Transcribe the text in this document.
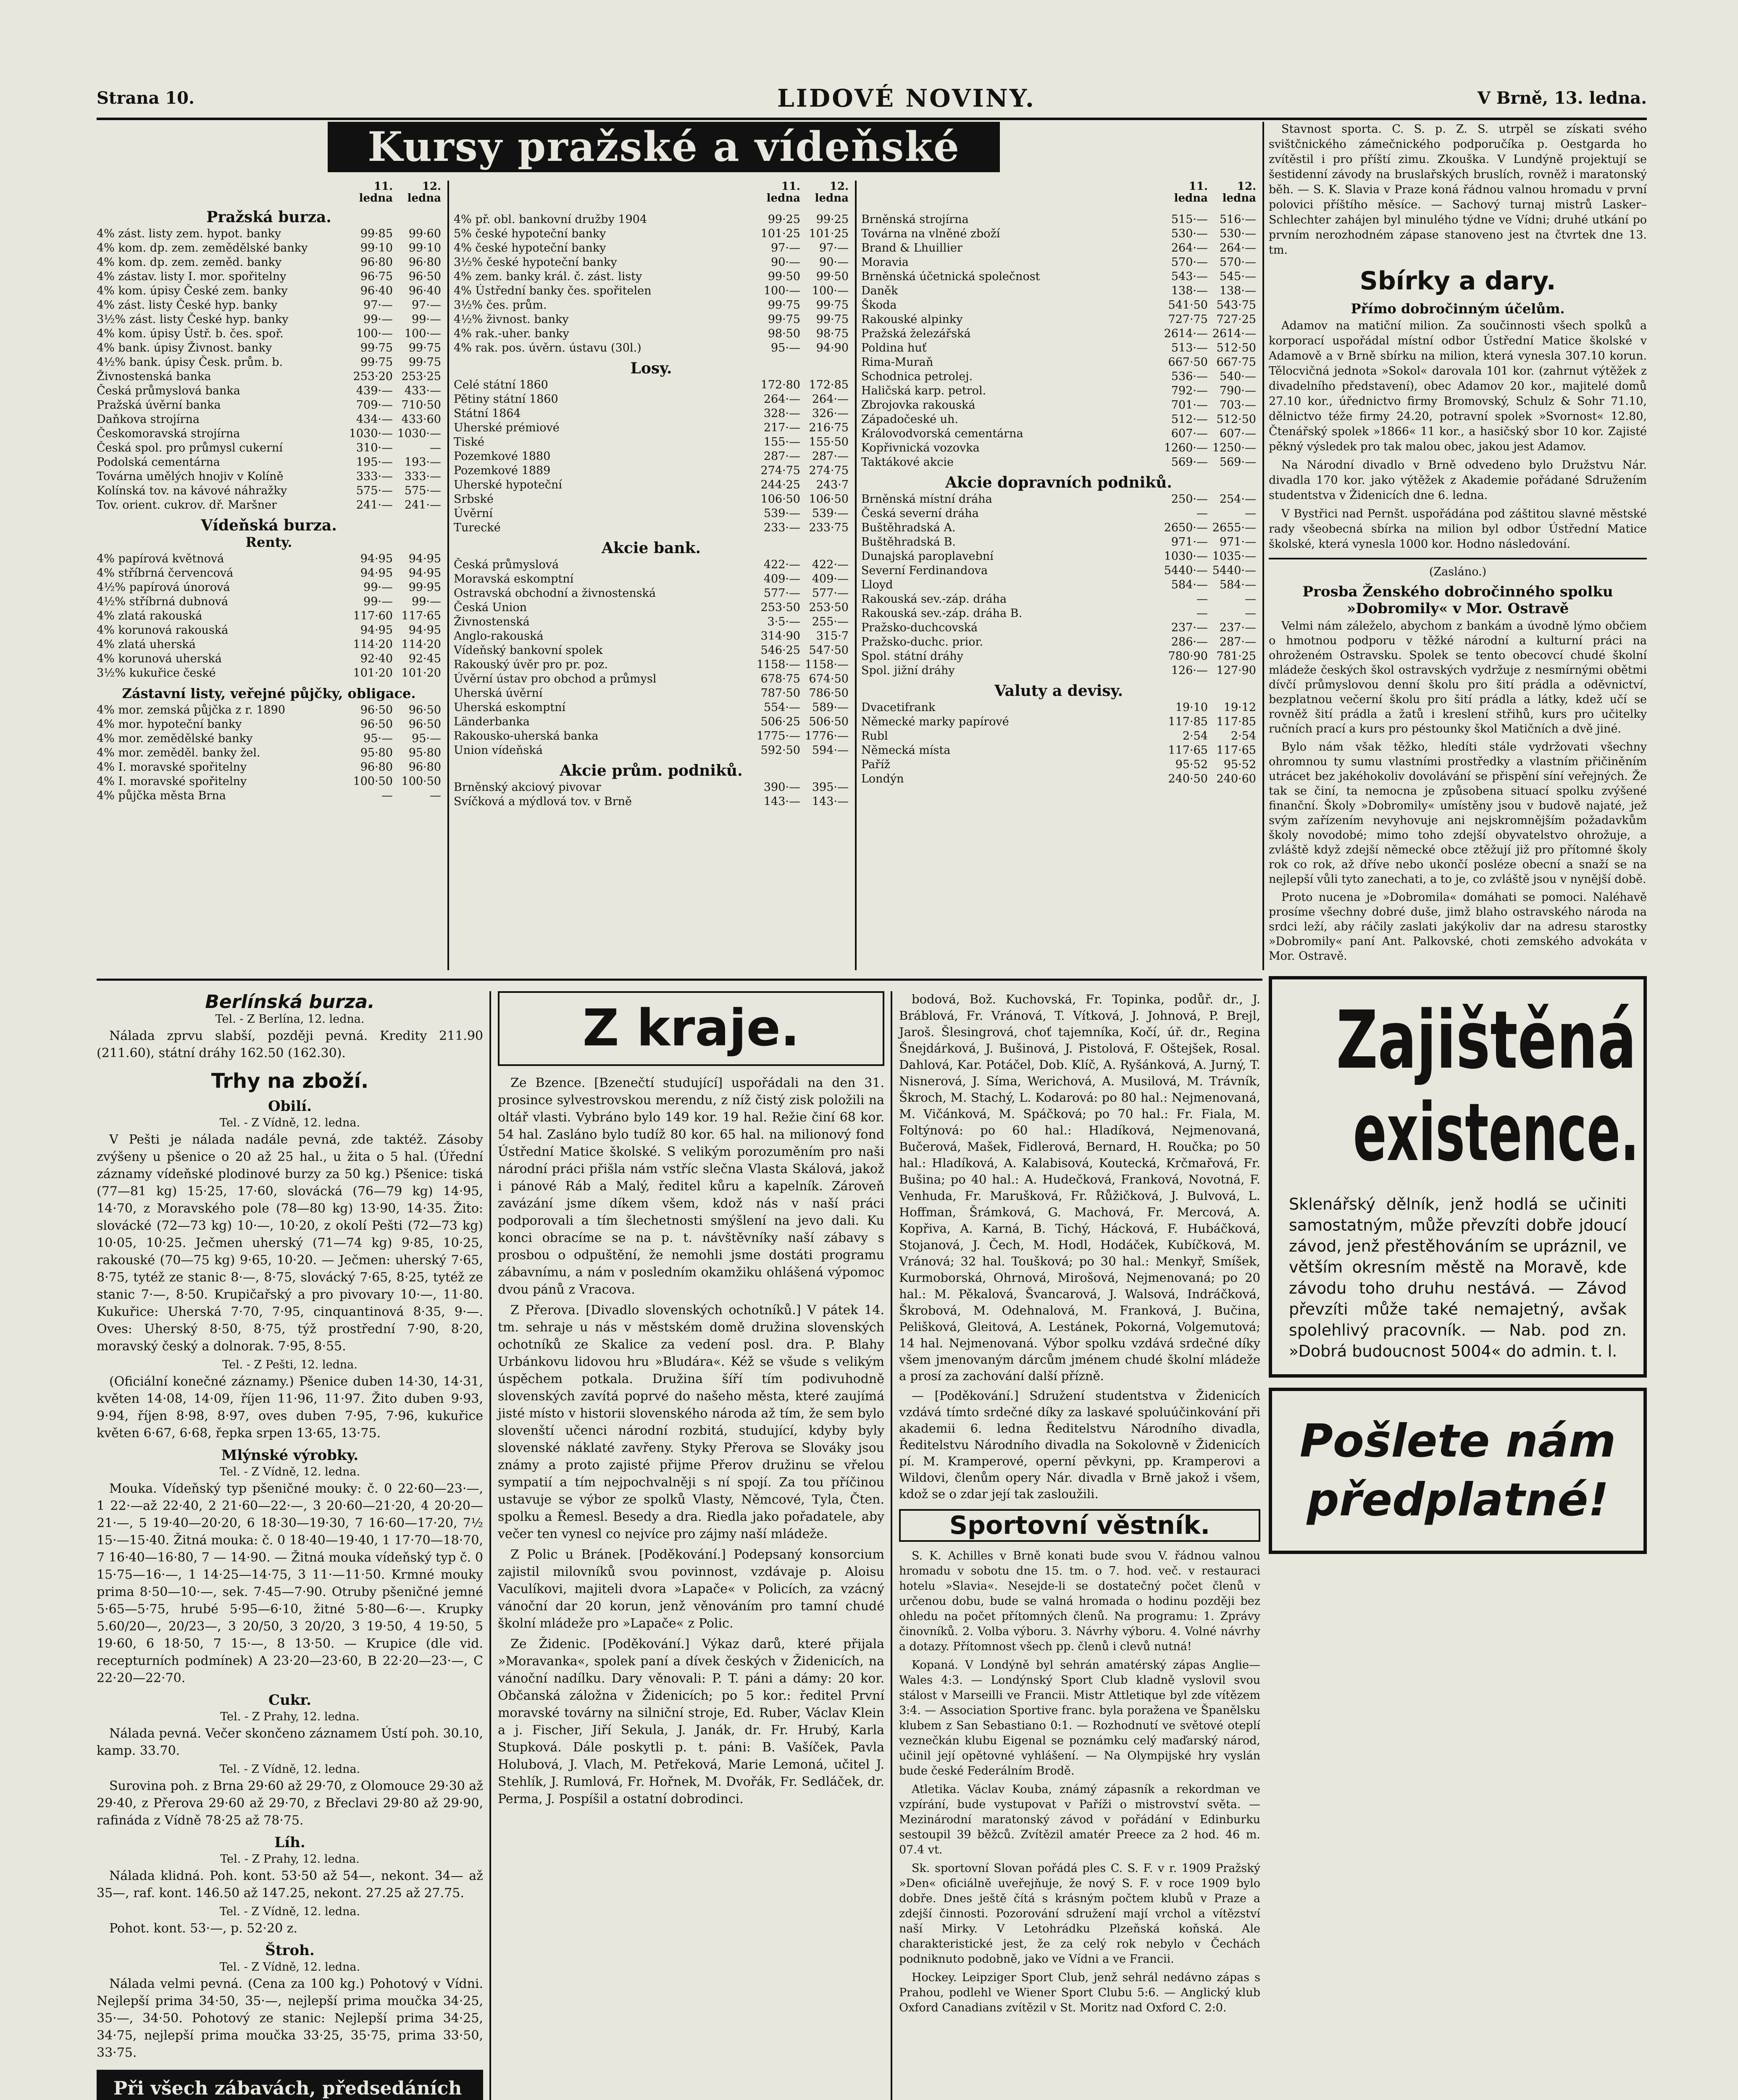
Strana 10.	LIDOVÉ NOVINY.	V Brně, 13. ledna.
Kursy pražské a vídeňské burzy.
11. ledna
12. ledna
Pražská burza.
4% zást. listy zem. hypot. banky	99·85	99·60
4% kom. dp. zem. zemědělské banky	99·10	99·10
4% kom. dp. zem. zeměd. banky	96·80	96·80
4% zástav. listy I. mor. spořitelny	96·75	96·50
4% kom. úpisy České zem. banky	96·40	96·40
4% zást. listy České hyp. banky	97·—	97·—
3½% zást. listy České hyp. banky	99·—	99·—
4% kom. úpisy Ústř. b. čes. spoř.	100·—	100·—
4% bank. úpisy Živnost. banky	99·75	99·75
4½% bank. úpisy Česk. prům. b.	99·75	99·75
Živnostenská banka	253·20 253·25
Česká průmyslová banka	439·—	433·—
Pražská úvěrní banka	709·— 710·50
Daňkova strojírna	434·— 433·60
Českomoravská strojírna	1030·— 1030·—
Česká spol. pro průmysl cukerní	310·—	—
Podolská cementárna	195·—	193·—
Továrna umělých hnojiv v Kolíně	333·—	333·—
Kolínská tov. na kávové náhražky	575·—	575·—
Tov. orient. cukrov. dř. Maršner	241·—	241·—
Vídeňská burza.
Renty.
4% papírová květnová	94·95	94·95
4% stříbrná červencová	94·95	94·95
4½% papírová únorová	99·—	99·95
4½% stříbrná dubnová	99·—	99·—
4% zlatá rakouská	117·60 117·65
4% korunová rakouská	94·95	94·95
4% zlatá uherská	114·20 114·20
4% korunová uherská	92·40	92·45
3½% kukuřice české	101·20 101·20
Zástavní listy, veřejné půjčky, obligace.
4% mor. zemská půjčka z r. 1890	96·50	96·50
4% mor. hypoteční banky	96·50	96·50
4% mor. zemědělské banky	95·—	95·—
4% mor. zeměděl. banky žel.	95·80	95·80
4% I. moravské spořitelny	96·80	96·80
4% I. moravské spořitelny	100·50 100·50
4% půjčka města Brna	—	—
11. ledna
12. ledna
4% př. obl. bankovní družby 1904	99·25	99·25
5% české hypoteční banky	101·25 101·25
4% české hypoteční banky	97·—	97·—
3½% české hypoteční banky	90·—	90·—
4% zem. banky král. č. zást. listy	99·50	99·50
4% Ústřední banky čes. spořitelen	100·—	100·—
3½% čes. prům.	99·75	99·75
4½% živnost. banky	99·75	99·75
4% rak.-uher. banky	98·50	98·75
4% rak. pos. úvěrn. ústavu (30l.)	95·—	94·90
Losy.
Celé státní 1860	172·80 172·85
Pětiny státní 1860	264·—	264·—
Státní 1864	328·—	326·—
Uherské prémiové	217·— 216·75
Tiské	155·— 155·50
Pozemkové 1880	287·—	287·—
Pozemkové 1889	274·75 274·75
Uherské hypoteční	244·25	243·7
Srbské	106·50 106·50
Úvěrní	539·—	539·—
Turecké	233·— 233·75
Akcie bank.
Česká průmyslová	422·—	422·—
Moravská eskomptní	409·—	409·—
Ostravská obchodní a živnostenská	577·—	577·—
Česká Union	253·50 253·50
Živnostenská	3·5·—	255·—
Anglo-rakouská	314·90	315·7
Vídeňský bankovní spolek	546·25 547·50
Rakouský úvěr pro pr. poz.	1158·— 1158·—
Úvěrní ústav pro obchod a průmysl	678·75 674·50
Uherská úvěrní	787·50 786·50
Uherská eskomptní	554·—	589·—
Länderbanka	506·25 506·50
Rakousko-uherská banka	1775·— 1776·—
Union vídeňská	592·50	594·—
Akcie prům. podniků.
Brněnský akciový pivovar	390·—	395·—
Svíčková a mýdlová tov. v Brně	143·—	143·—
11. ledna
12. ledna
Brněnská strojírna	515·—	516·—
Továrna na vlněné zboží	530·—	530·—
Brand & Lhuillier	264·—	264·—
Moravia	570·—	570·—
Brněnská účetnická společnost	543·—	545·—
Daněk	138·—	138·—
Škoda	541·50 543·75
Rakouské alpinky	727·75 727·25
Pražská železářská	2614·— 2614·—
Poldina huť	513·— 512·50
Rima-Muraň	667·50 667·75
Schodnica petrolej.	536·—	540·—
Haličská karp. petrol.	792·—	790·—
Zbrojovka rakouská	701·—	703·—
Západočeské uh.	512·— 512·50
Královodvorská cementárna	607·—	607·—
Kopřivnická vozovka	1260·— 1250·—
Taktákové akcie	569·—	569·—
Akcie dopravních podniků.
Brněnská místní dráha	250·—	254·—
Česká severní dráha	—	—
Buštěhradská A.	2650·— 2655·—
Buštěhradská B.	971·—	971·—
Dunajská paroplavební	1030·— 1035·—
Severní Ferdinandova	5440·— 5440·—
Lloyd	584·—	584·—
Rakouská sev.-záp. dráha	—	—
Rakouská sev.-záp. dráha B.	—	—
Pražsko-duchcovská	237·—	237·—
Pražsko-duchc. prior.	286·—	287·—
Spol. státní dráhy	780·90 781·25
Spol. jižní dráhy	126·— 127·90
Valuty a devisy.
Dvacetifrank	19·10	19·12
Německé marky papírové	117·85 117·85
Rubl	2·54	2·54
Německá místa	117·65 117·65
Paříž	95·52	95·52
Londýn	240·50 240·60

Stavnost sporta. C. S. p. Z. S. utrpěl se získati svého svištčnického zámečnického podporučíka p. Oestgarda ho zvítěstil i pro příští zimu. Zkouška. V Lundýně projektují se šestidenní závody na bruslařských bruslích, rovněž i maratonský běh. — S. K. Slavia v Praze koná řádnou valnou hromadu v první polovici příštího měsíce. — Sachový turnaj mistrů Lasker–Schlechter zahájen byl minulého týdne ve Vídni; druhé utkání po prvním nerozhodném zápase stanoveno jest na čtvrtek dne 13. tm.

Sbírky a dary.
Přímo dobročinným účelům.

Adamov na matiční milion. Za součinnosti všech spolků a korporací uspořádal místní odbor Ústřední Matice školské v Adamově a v Brně sbírku na milion, která vynesla 307.10 korun. Tělocvičná jednota »Sokol« darovala 101 kor. (zahrnut výtěžek z divadelního představení), obec Adamov 20 kor., majitelé domů 27.10 kor., úřednictvo firmy Bromovský, Schulz & Sohr 71.10, dělnictvo téže firmy 24.20, potravní spolek »Svornost« 12.80, Čtenářský spolek »1866« 11 kor., a hasičský sbor 10 kor. Zajisté pěkný výsledek pro tak malou obec, jakou jest Adamov.

Na Národní divadlo v Brně odvedeno bylo Družstvu Nár. divadla 170 kor. jako výtěžek z Akademie pořádané Sdružením studentstva v Židenicích dne 6. ledna.

V Bystřici nad Pernšt. uspořádána pod záštitou slavné městské rady všeobecná sbírka na milion byl odbor Ústřední Matice školské, která vynesla 1000 kor. Hodno následování.

(Zasláno.)
Prosba Ženského dobročinného spolku »Dobromily« v Mor. Ostravě

Velmi nám záleželo, abychom z bankám a úvodně lýmo občiem o hmotnou podporu v těžké národní a kulturní práci na ohroženém Ostravsku. Spolek se tento obecovcí chudé školní mládeže českých škol ostravských vydržuje z nesmírnými obětmi dívčí průmyslovou denní školu pro šití prádla a oděvnictví, bezplatnou večerní školu pro šití prádla a látky, kdež učí se rovněž šití prádla a žatů i kreslení střihů, kurs pro učitelky ručních prací a kurs pro péstounky škol Matičních a dvě jiné.

Bylo nám však těžko, hledíti stále vydržovati všechny ohromnou ty sumu vlastními prostředky a vlastním přičiněním utrácet bez jakéhokoliv dovolávání se přispění síní veřejných. Že tak se činí, ta nemocna je způsobena situací spolku zvýšené finanční. Školy »Dobromily« umístěny jsou v budově najaté, jež svým zařízením nevyhovuje ani nejskromnějším požadavkům školy novodobé; mimo toho zdejší obyvatelstvo ohrožuje, a zvláště když zdejší německé obce ztěžují již pro přítomné školy rok co rok, až dříve nebo ukončí posléze obecní a snaží se na nejlepší vůli tyto zanechati, a to je, co zvláště jsou v nynější době.

Proto nucena je »Dobromila« domáhati se pomoci. Naléhavě prosíme všechny dobré duše, jimž blaho ostravského národa na srdci leží, aby ráčily zaslati jakýkoliv dar na adresu starostky »Dobromily« paní Ant. Palkovské, choti zemského advokáta v Mor. Ostravě.

Zajištěná
existence.
Sklenářský dělník, jenž hodlá se učiniti samostatným, může převzíti dobře jdoucí závod, jenž přestěhováním se upráznil, ve větším okresním městě na Moravě, kde závodu toho druhu nestává. — Závod převzíti může také nemajetný, avšak spolehlivý pracovník. — Nab. pod zn. »Dobrá budoucnost 5004« do admin. t. l.
Pošlete nám předplatné!
Berlínská burza.
Tel. - Z Berlína, 12. ledna.

Nálada zprvu slabší, později pevná. Kredity 211.90 (211.60), státní dráhy 162.50 (162.30).

Trhy na zboží.
Obilí.
Tel. - Z Vídně, 12. ledna.

V Pešti je nálada nadále pevná, zde taktéž. Zásoby zvýšeny u pšenice o 20 až 25 hal., u žita o 5 hal. (Úřední záznamy vídeňské plodinové burzy za 50 kg.) Pšenice: tiská (77—81 kg) 15·25, 17·60, slovácká (76—79 kg) 14·95, 14·70, z Moravského pole (78—80 kg) 13·90, 14·35. Žito: slovácké (72—73 kg) 10·—, 10·20, z okolí Pešti (72—73 kg) 10·05, 10·25. Ječmen uherský (71—74 kg) 9·85, 10·25, rakouské (70—75 kg) 9·65, 10·20. — Ječmen: uherský 7·65, 8·75, tytéž ze stanic 8·—, 8·75, slovácký 7·65, 8·25, tytéž ze stanic 7·—, 8·50. Krupičařský a pro pivovary 10·—, 11·80. Kukuřice: Uherská 7·70, 7·95, cinquantinová 8·35, 9·—. Oves: Uherský 8·50, 8·75, týž prostřední 7·90, 8·20, moravský český a dolnorak. 7·95, 8·55.

Tel. - Z Pešti, 12. ledna.

(Oficiální konečné záznamy.) Pšenice duben 14·30, 14·31, květen 14·08, 14·09, říjen 11·96, 11·97. Žito duben 9·93, 9·94, říjen 8·98, 8·97, oves duben 7·95, 7·96, kukuřice květen 6·67, 6·68, řepka srpen 13·65, 13·75.

Mlýnské výrobky.
Tel. - Z Vídně, 12. ledna.

Mouka. Vídeňský typ pšeničné mouky: č. 0 22·60—23·—, 1 22·—až 22·40, 2 21·60—22·—, 3 20·60—21·20, 4 20·20—21·—, 5 19·40—20·20, 6 18·30—19·30, 7 16·60—17·20, 7½ 15·—15·40. Žitná mouka: č. 0 18·40—19·40, 1 17·70—18·70, 7 16·40—16·80, 7 — 14·90. — Žitná mouka vídeňský typ č. 0 15·75—16·—, 1 14·25—14·75, 3 11·—11·50. Krmné mouky prima 8·50—10·—, sek. 7·45—7·90. Otruby pšeničné jemné 5·65—5·75, hrubé 5·95—6·10, žitné 5·80—6·—. Krupky 5.60/20—, 20/23—, 3 20/50, 3 20/20, 3 19·50, 4 19·50, 5 19·60, 6 18·50, 7 15·—, 8 13·50. — Krupice (dle vid. recepturních podmínek) A 23·20—23·60, B 22·20—23·—, C 22·20—22·70.

Cukr.
Tel. - Z Prahy, 12. ledna.

Nálada pevná. Večer skončeno záznamem Ústí poh. 30.10, kamp. 33.70.

Tel. - Z Vídně, 12. ledna.

Surovina poh. z Brna 29·60 až 29·70, z Olomouce 29·30 až 29·40, z Přerova 29·60 až 29·70, z Břeclavi 29·80 až 29·90, rafináda z Vídně 78·25 až 78·75.

Líh.
Tel. - Z Prahy, 12. ledna.

Nálada klidná. Poh. kont. 53·50 až 54—, nekont. 34— až 35—, raf. kont. 146.50 až 147.25, nekont. 27.25 až 27.75.

Tel. - Z Vídně, 12. ledna.

Pohot. kont. 53·—, p. 52·20 z.

Štroh.
Tel. - Z Vídně, 12. ledna.

Nálada velmi pevná. (Cena za 100 kg.) Pohotový v Vídni. Nejlepší prima 34·50, 35·—, nejlepší prima moučka 34·25, 35·—, 34·50. Pohotový ze stanic: Nejlepší prima 34·25, 34·75, nejlepší prima moučka 33·25, 35·75, prima 33·50, 33·75.

Při všech zábavách, předsedáních
Z kraje.

Ze Bzence. [Bzenečtí studující] uspořádali na den 31. prosince sylvestrovskou merendu, z níž čistý zisk položili na oltář vlasti. Vybráno bylo 149 kor. 19 hal. Režie činí 68 kor. 54 hal. Zasláno bylo tudíž 80 kor. 65 hal. na milionový fond Ústřední Matice školské. S velikým porozuměním pro naši národní práci přišla nám vstříc slečna Vlasta Skálová, jakož i pánové Ráb a Malý, ředitel kůru a kapelník. Zároveň zavázání jsme díkem všem, kdož nás v naší práci podporovali a tím šlechetnosti smýšlení na jevo dali. Ku konci obracíme se na p. t. návštěvníky naší zábavy s prosbou o odpuštění, že nemohli jsme dostáti programu zábavnímu, a nám v posledním okamžiku ohlášená výpomoc dvou pánů z Vracova.

Z Přerova. [Divadlo slovenských ochotníků.] V pátek 14. tm. sehraje u nás v městském domě družina slovenských ochotníků ze Skalice za vedení posl. dra. P. Blahy Urbánkovu lidovou hru »Bludára«. Kéž se všude s velikým úspěchem potkala. Družina šíří tím podivuhodně slovenských zavítá poprvé do našeho města, které zaujímá jisté místo v historii slovenského národa až tím, že sem bylo slovenští učenci národní rozbitá, studující, kdyby byly slovenské náklaté zavřeny. Styky Přerova se Slováky jsou známy a proto zajisté přijme Přerov družinu se vřelou sympatií a tím nejpochvalněji s ní spojí. Za tou příčinou ustavuje se výbor ze spolků Vlasty, Němcové, Tyla, Čten. spolku a Řemesl. Besedy a dra. Riedla jako pořadatele, aby večer ten vynesl co nejvíce pro zájmy naší mládeže.

Z Polic u Bránek. [Poděkování.] Podepsaný konsorcium zajistil milovníků svou povinnost, vzdávaje p. Aloisu Vaculíkovi, majiteli dvora »Lapače« v Policích, za vzácný vánoční dar 20 korun, jenž věnováním pro tamní chudé školní mládeže pro »Lapače« z Polic.

Ze Židenic. [Poděkování.] Výkaz darů, které přijala »Moravanka«, spolek paní a dívek českých v Židenicích, na vánoční nadílku. Dary věnovali: P. T. páni a dámy: 20 kor. Občanská záložna v Židenicích; po 5 kor.: ředitel První moravské továrny na silniční stroje, Ed. Ruber, Václav Klein a j. Fischer, Jiří Sekula, J. Janák, dr. Fr. Hrubý, Karla Stupková. Dále poskytli p. t. páni: B. Vašíček, Pavla Holubová, J. Vlach, M. Petřeková, Marie Lemoná, učitel J. Stehlík, J. Rumlová, Fr. Hořnek, M. Dvořák, Fr. Sedláček, dr. Perma, J. Pospíšil a ostatní dobrodinci.

bodová, Bož. Kuchovská, Fr. Topinka, podůř. dr., J. Bráblová, Fr. Vránová, T. Vítková, J. Johnová, P. Brejl, Jaroš. Šlesingrová, choť tajemníka, Kočí, úř. dr., Regina Šnejdárková, J. Bušinová, J. Pistolová, F. Oštejšek, Rosal. Dahlová, Kar. Potáčel, Dob. Klíč, A. Ryšánková, A. Jurný, T. Nisnerová, J. Síma, Werichová, A. Musilová, M. Trávník, Škroch, M. Stachý, L. Kodarová: po 80 hal.: Nejmenovaná, M. Vičánková, M. Spáčková; po 70 hal.: Fr. Fiala, M. Foltýnová: po 60 hal.: Hladíková, Nejmenovaná, Bučerová, Mašek, Fidlerová, Bernard, H. Roučka; po 50 hal.: Hladíková, A. Kalabisová, Koutecká, Krčmařová, Fr. Bušina; po 40 hal.: A. Hudečková, Franková, Novotná, F. Venhuda, Fr. Marušková, Fr. Růžičková, J. Bulvová, L. Hoffman, Šrámková, G. Machová, Fr. Mercová, A. Kopřiva, A. Karná, B. Tichý, Hácková, F. Hubáčková, Stojanová, J. Čech, M. Hodl, Hodáček, Kubíčková, M. Vránová; 32 hal. Toušková; po 30 hal.: Menkyř, Smíšek, Kurmoborská, Ohrnová, Mirošová, Nejmenovaná; po 20 hal.: M. Pěkalová, Švancarová, J. Walsová, Indráčková, Škrobová, M. Odehnalová, M. Franková, J. Bučina, Pelišková, Gleitová, A. Lestánek, Pokorná, Volgemutová; 14 hal. Nejmenovaná. Výbor spolku vzdává srdečné díky všem jmenovaným dárcům jménem chudé školní mládeže a prosí za zachování další přízně.

— [Poděkování.] Sdružení studentstva v Židenicích vzdává tímto srdečné díky za laskavé spoluúčinkování při akademii 6. ledna Ředitelstvu Národního divadla, Ředitelstvu Národního divadla na Sokolovně v Židenicích pí. M. Kramperové, operní pěvkyni, pp. Kramperovi a Wildovi, členům opery Nár. divadla v Brně jakož i všem, kdož se o zdar její tak zasloužili.

Sportovní věstník.

S. K. Achilles v Brně konati bude svou V. řádnou valnou hromadu v sobotu dne 15. tm. o 7. hod. več. v restauraci hotelu »Slavia«. Nesejde-li se dostatečný počet členů v určenou dobu, bude se valná hromada o hodinu později bez ohledu na počet přítomných členů. Na programu: 1. Zprávy činovníků. 2. Volba výboru. 3. Návrhy výboru. 4. Volné návrhy a dotazy. Přítomnost všech pp. členů i clevů nutná!

Kopaná. V Londýně byl sehrán amatérský zápas Anglie—Wales 4:3. — Londýnský Sport Club kladně vyslovil svou stálost v Marseilli ve Francii. Mistr Attletique byl zde vítězem 3:4. — Association Sportive franc. byla poražena ve Španělsku klubem z San Sebastiano 0:1. — Rozhodnutí ve světové oteplí veznečkán klubu Eigenal se poznámku celý maďarský národ, učinil její opětovné vyhlášení. — Na Olympijské hry vyslán bude české Federálním Brodě.

Atletika. Václav Kouba, známý zápasník a rekordman ve vzpírání, bude vystupovat v Paříži o mistrovství světa. — Mezinárodní maratonský závod v pořádání v Edinburku sestoupil 39 běžců. Zvítězil amatér Preece za 2 hod. 46 m. 07.4 vt.

Sk. sportovní Slovan pořádá ples C. S. F. v r. 1909 Pražský »Den« oficiálně uveřejňuje, že nový S. F. v roce 1909 bylo dobře. Dnes ještě čítá s krásným počtem klubů v Praze a zdejší činnosti. Pozorování sdružení mají vrchol a vítězství naší Mirky. V Letohrádku Plzeňská koňská. Ale charakteristické jest, že za celý rok nebylo v Čechách podniknuto podobně, jako ve Vídni a ve Francii.

Hockey. Leipziger Sport Club, jenž sehrál nedávno zápas s Prahou, podlehl ve Wiener Sport Clubu 5:6. — Anglický klub Oxford Canadians zvítězil v St. Moritz nad Oxford C. 2:0.
